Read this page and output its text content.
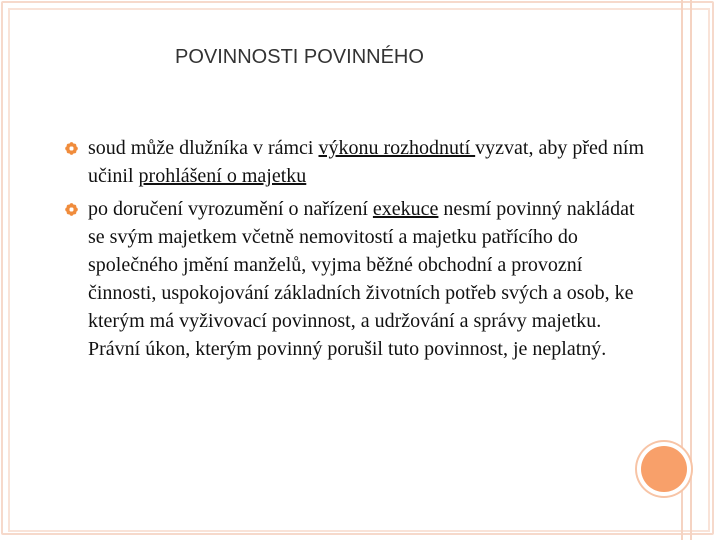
POVINNOSTI POVINNÉHO
soud může dlužníka v rámci výkonu rozhodnutí vyzvat, aby před ním učinil prohlášení o majetku
po doručení vyrozumění o nařízení exekuce nesmí povinný nakládat se svým majetkem včetně nemovitostí a majetku patřícího do společného jmění manželů, vyjma běžné obchodní a provozní činnosti, uspokojování základních životních potřeb svých a osob, ke kterým má vyživovací povinnost, a udržování a správy majetku. Právní úkon, kterým povinný porušil tuto povinnost, je neplatný.
